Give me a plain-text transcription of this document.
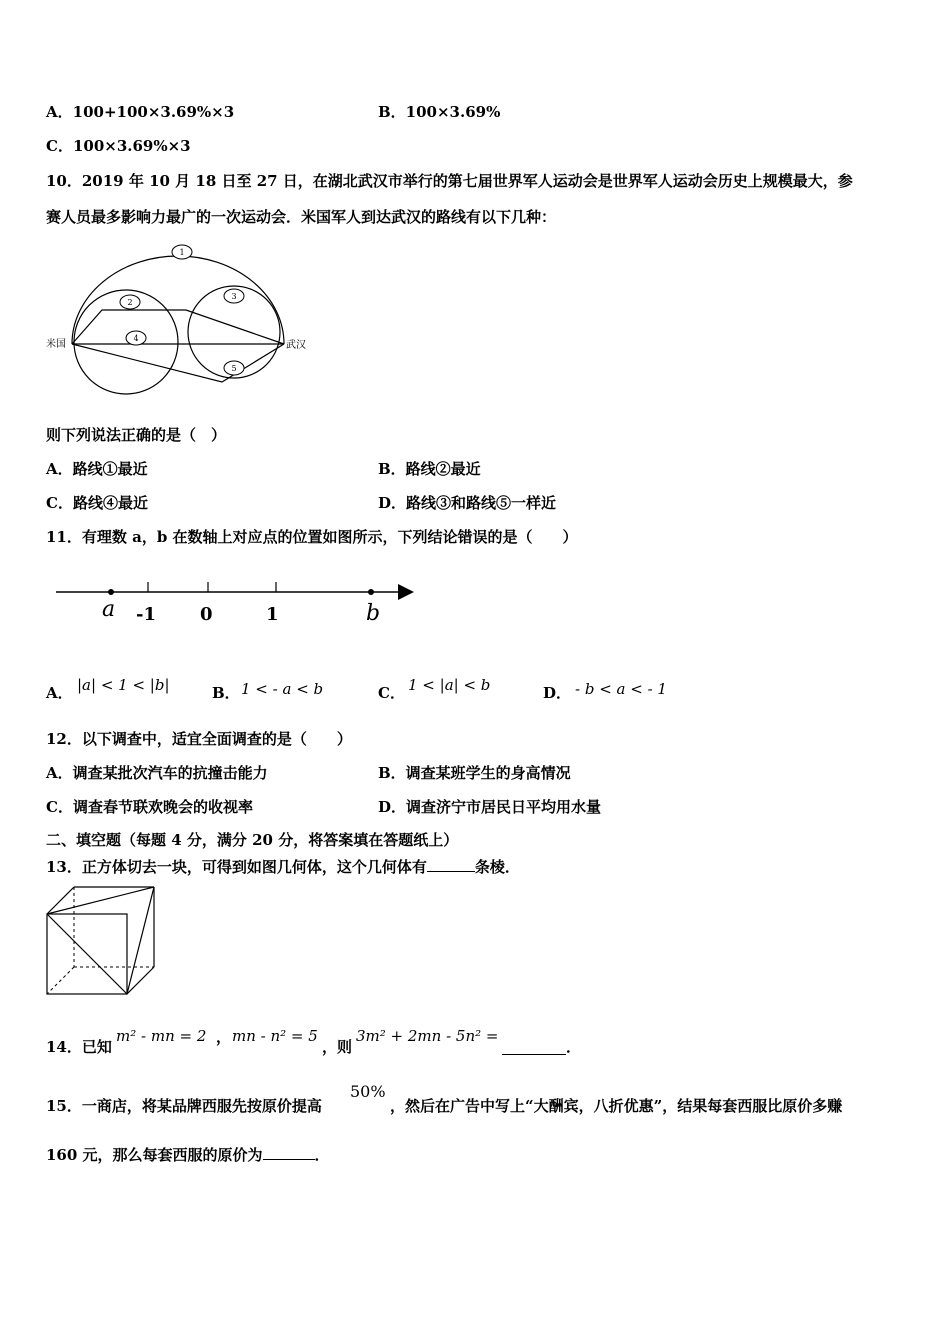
A．100+100×3.69%×3	B．100×3.69%
C．100×3.69%×3
10．2019 年 10 月 18 日至 27 日，在湖北武汉市举行的第七届世界军人运动会是世界军人运动会历史上规模最大，参
赛人员最多影响力最广的一次运动会．米国军人到达武汉的路线有以下几种：
1
2
3
4
5
米国	武汉
则下列说法正确的是（　）
A．路线①最近	B．路线②最近
C．路线④最近	D．路线③和路线⑤一样近
11．有理数 a，b 在数轴上对应点的位置如图所示，下列结论错误的是（　　）
a -1 0	1	b
A． |a| < 1 < |b|	B． 1 < - a < b	C． 1 < |a| < b	D． - b < a < - 1
12．以下调查中，适宜全面调查的是（　　）
A．调查某批次汽车的抗撞击能力	B．调查某班学生的身高情况
C．调查春节联欢晚会的收视率	D．调查济宁市居民日平均用水量
二、填空题（每题 4 分，满分 20 分，将答案填在答题纸上）
13．正方体切去一块，可得到如图几何体，这个几何体有	条棱．
14．已知
m² - mn = 2 ， mn - n² = 5
，则
3m² + 2mn - 5n² =
．
15．一商店，将某品牌西服先按原价提高
50%
，然后在广告中写上“大酬宾，八折优惠”，结果每套西服比原价多赚
160 元，那么每套西服的原价为	．
